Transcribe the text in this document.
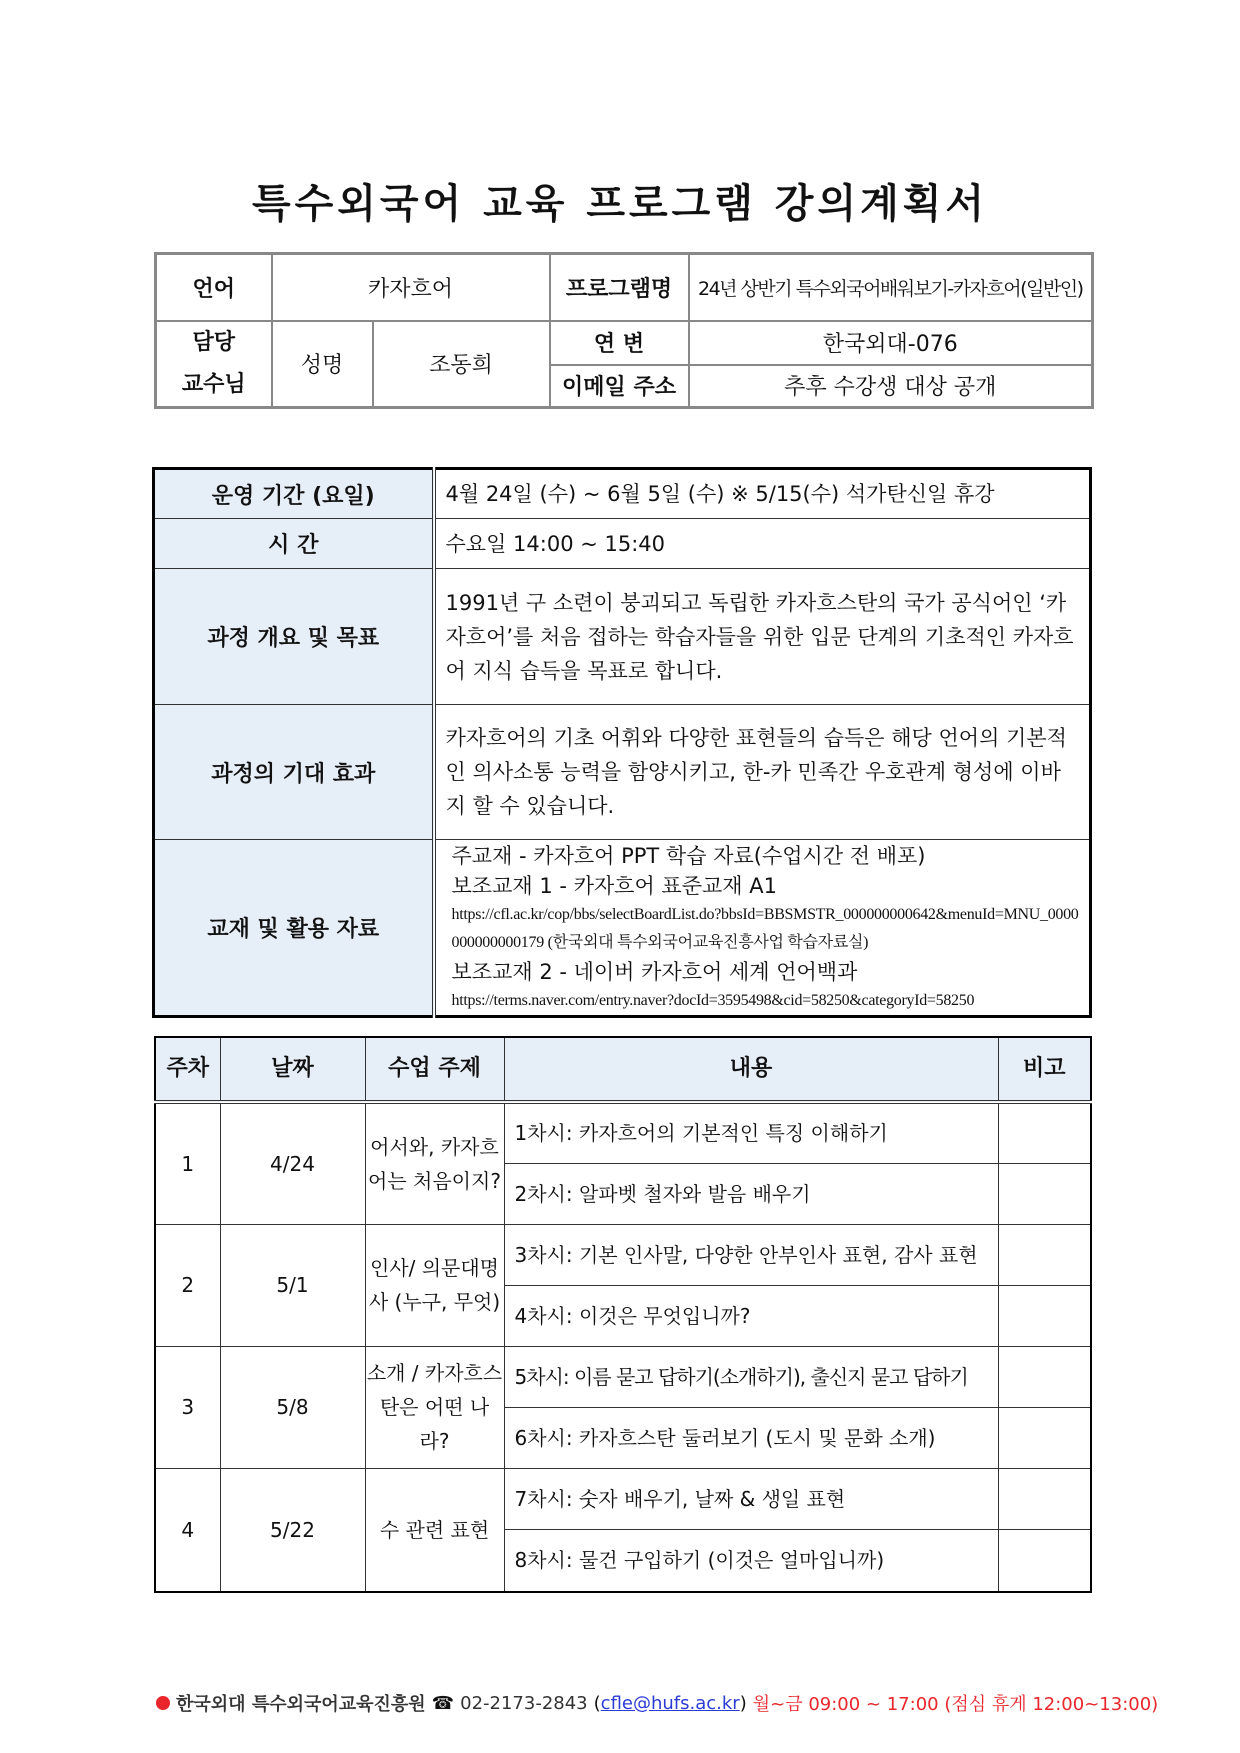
특수외국어 교육 프로그램 강의계획서
언어	카자흐어		프로그램명	24년 상반기 특수외국어배워보기-카자흐어(일반인)
담당
교수님	성명	조동희	연 변	한국외대-076
			이메일 주소	추후 수강생 대상 공개
운영 기간 (요일)	4월 24일 (수) ~ 6월 5일 (수) ※ 5/15(수) 석가탄신일 휴강
시 간	수요일 14:00 ~ 15:40
과정 개요 및 목표	1991년 구 소련이 붕괴되고 독립한 카자흐스탄의 국가 공식어인 ‘카자흐어’를 처음 접하는 학습자들을 위한 입문 단계의 기초적인 카자흐어 지식 습득을 목표로 합니다.
과정의 기대 효과	카자흐어의 기초 어휘와 다양한 표현들의 습득은 해당 언어의 기본적인 의사소통 능력을 함양시키고, 한-카 민족간 우호관계 형성에 이바지 할 수 있습니다.
교재 및 활용 자료	주교재 - 카자흐어 PPT 학습 자료(수업시간 전 배포)
보조교재 1 - 카자흐어 표준교재 A1
https://cfl.ac.kr/cop/bbs/selectBoardList.do?bbsId=BBSMSTR_000000000642&menuId=MNU_0000000000000179 (한국외대 특수외국어교육진흥사업 학습자료실)
보조교재 2 - 네이버 카자흐어 세계 언어백과
https://terms.naver.com/entry.naver?docId=3595498&cid=58250&categoryId=58250
주차	날짜	수업 주제	내용	비고
1	4/24	어서와, 카자흐어는 처음이지?	1차시: 카자흐어의 기본적인 특징 이해하기	
			2차시: 알파벳 철자와 발음 배우기	
2	5/1	인사/ 의문대명사 (누구, 무엇)	3차시: 기본 인사말, 다양한 안부인사 표현, 감사 표현	
			4차시: 이것은 무엇입니까?	
3	5/8	소개 / 카자흐스탄은 어떤 나라?	5차시: 이름 묻고 답하기(소개하기), 출신지 묻고 답하기	
			6차시: 카자흐스탄 둘러보기 (도시 및 문화 소개)	
4	5/22	수 관련 표현	7차시: 숫자 배우기, 날짜 & 생일 표현	
			8차시: 물건 구입하기 (이것은 얼마입니까)	
한국외대 특수외국어교육진흥원 ☎ 02-2173-2843 (cfle@hufs.ac.kr) 월~금 09:00 ~ 17:00 (점심 휴게 12:00~13:00)
